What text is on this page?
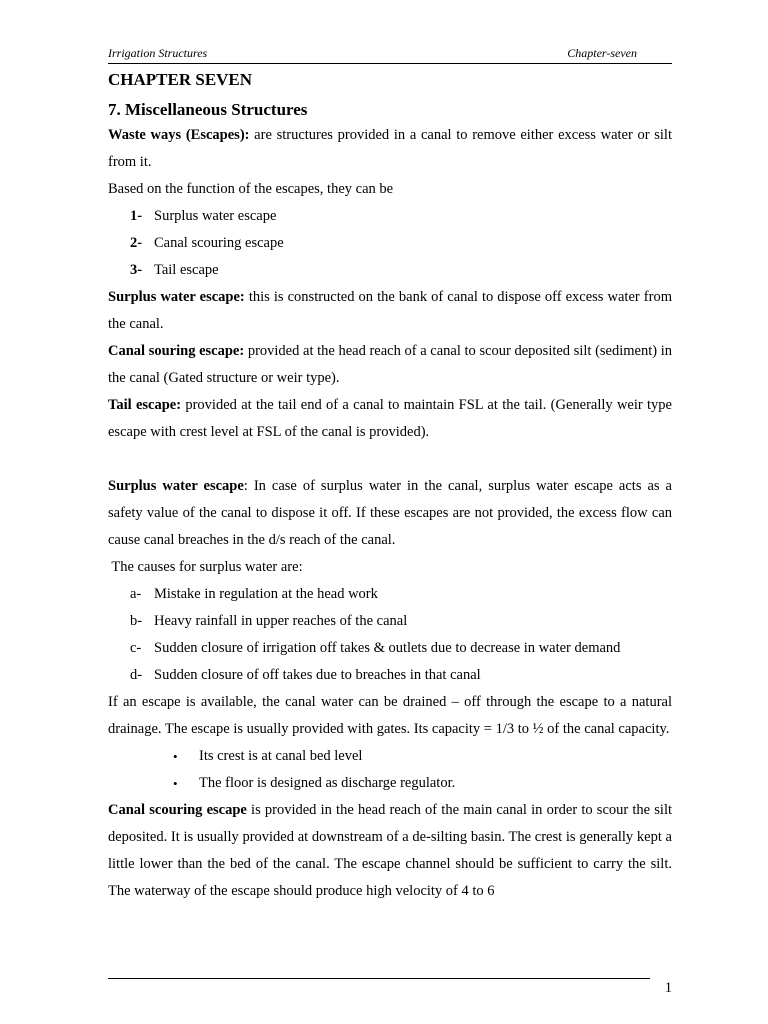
Irrigation Structures	Chapter-seven
CHAPTER SEVEN
7. Miscellaneous Structures

Waste ways (Escapes): are structures provided in a canal to remove either excess water or silt from it.

Based on the function of the escapes, they can be

1- Surplus water escape
2- Canal scouring escape
3- Tail escape

Surplus water escape: this is constructed on the bank of canal to dispose off excess water from the canal.

Canal souring escape: provided at the head reach of a canal to scour deposited silt (sediment) in the canal (Gated structure or weir type).

Tail escape: provided at the tail end of a canal to maintain FSL at the tail. (Generally weir type escape with crest level at FSL of the canal is provided).

Surplus water escape: In case of surplus water in the canal, surplus water escape acts as a safety value of the canal to dispose it off. If these escapes are not provided, the excess flow can cause canal breaches in the d/s reach of the canal.

The causes for surplus water are:

a- Mistake in regulation at the head work
b- Heavy rainfall in upper reaches of the canal
c- Sudden closure of irrigation off takes & outlets due to decrease in water demand
d- Sudden closure of off takes due to breaches in that canal

If an escape is available, the canal water can be drained – off through the escape to a natural drainage. The escape is usually provided with gates. Its capacity = 1/3 to ½ of the canal capacity.

• Its crest is at canal bed level
• The floor is designed as discharge regulator.

Canal scouring escape is provided in the head reach of the main canal in order to scour the silt deposited. It is usually provided at downstream of a de-silting basin. The crest is generally kept a little lower than the bed of the canal. The escape channel should be sufficient to carry the silt. The waterway of the escape should produce high velocity of 4 to 6

1
